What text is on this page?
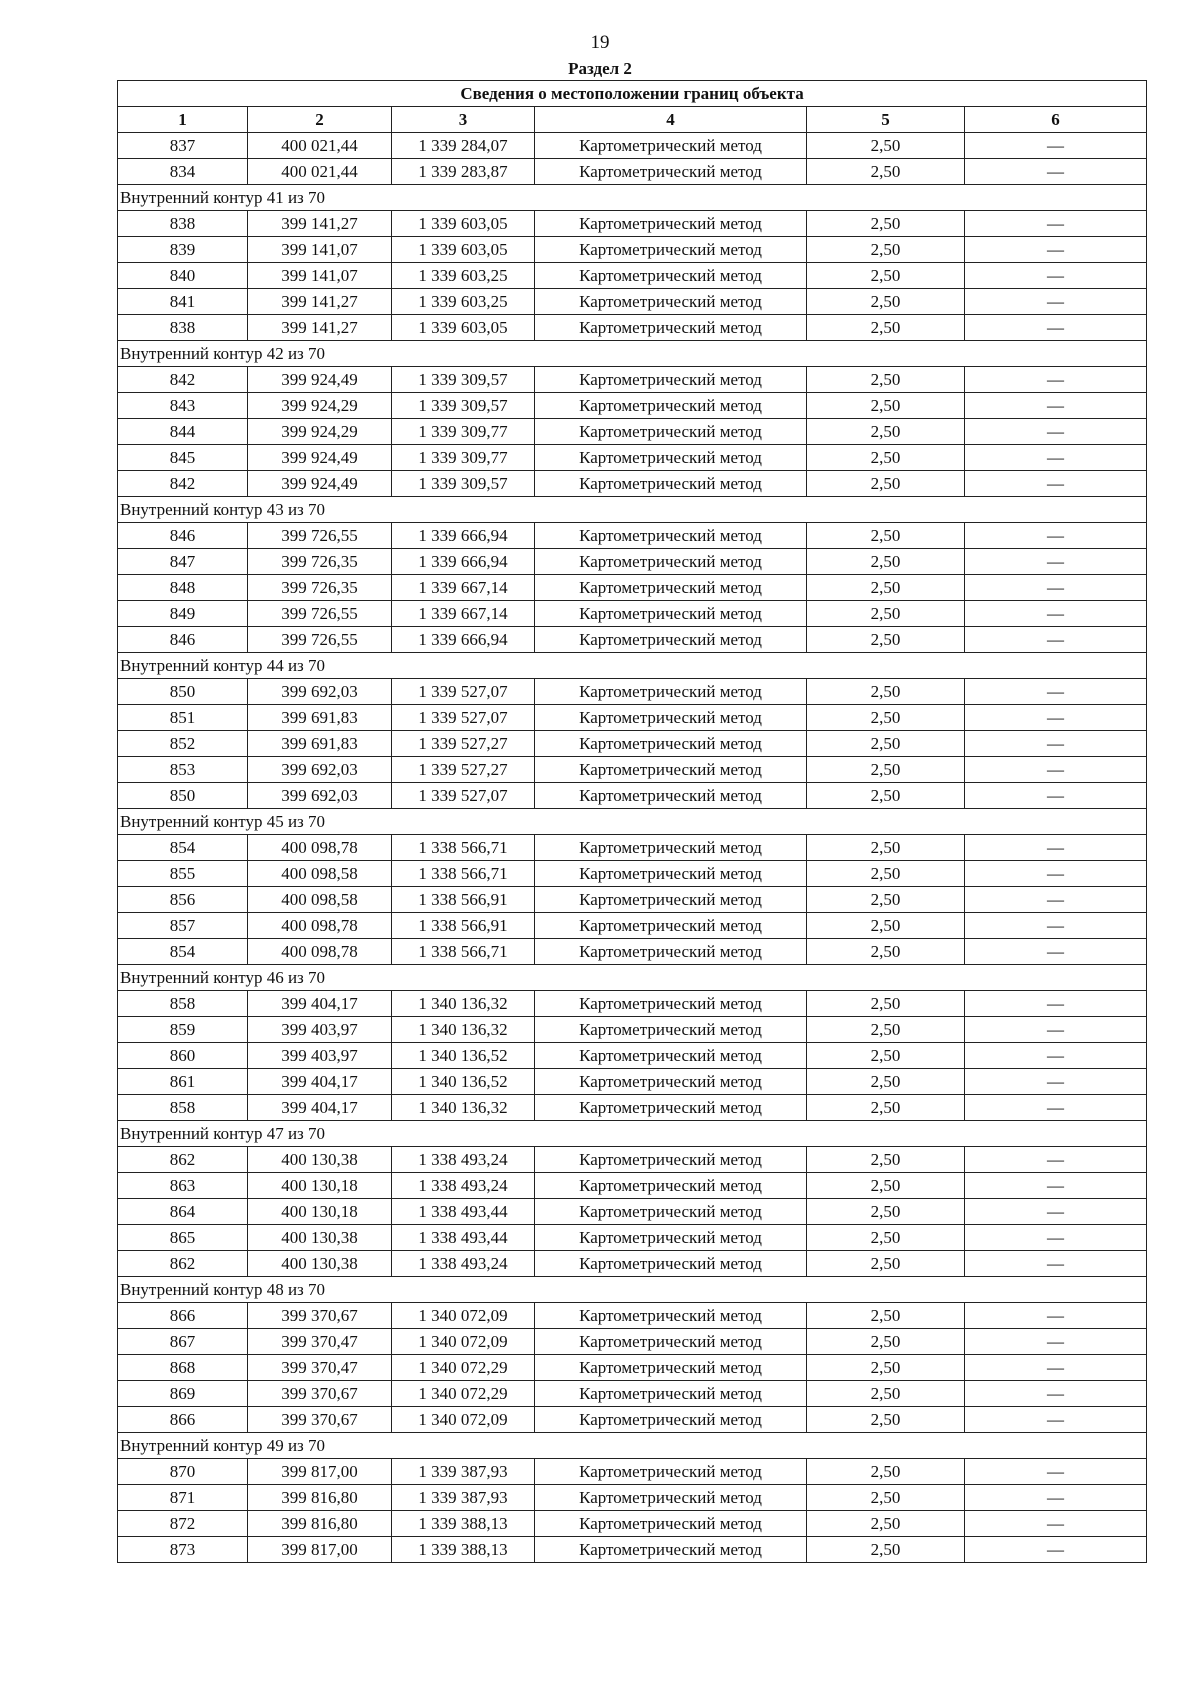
19
Раздел 2
Сведения о местоположении границ объекта					
1	2	3	4	5	6
837	400 021,44	1 339 284,07	Картометрический метод	2,50	—
834	400 021,44	1 339 283,87	Картометрический метод	2,50	—
Внутренний контур 41 из 70					
838	399 141,27	1 339 603,05	Картометрический метод	2,50	—
839	399 141,07	1 339 603,05	Картометрический метод	2,50	—
840	399 141,07	1 339 603,25	Картометрический метод	2,50	—
841	399 141,27	1 339 603,25	Картометрический метод	2,50	—
838	399 141,27	1 339 603,05	Картометрический метод	2,50	—
Внутренний контур 42 из 70					
842	399 924,49	1 339 309,57	Картометрический метод	2,50	—
843	399 924,29	1 339 309,57	Картометрический метод	2,50	—
844	399 924,29	1 339 309,77	Картометрический метод	2,50	—
845	399 924,49	1 339 309,77	Картометрический метод	2,50	—
842	399 924,49	1 339 309,57	Картометрический метод	2,50	—
Внутренний контур 43 из 70					
846	399 726,55	1 339 666,94	Картометрический метод	2,50	—
847	399 726,35	1 339 666,94	Картометрический метод	2,50	—
848	399 726,35	1 339 667,14	Картометрический метод	2,50	—
849	399 726,55	1 339 667,14	Картометрический метод	2,50	—
846	399 726,55	1 339 666,94	Картометрический метод	2,50	—
Внутренний контур 44 из 70					
850	399 692,03	1 339 527,07	Картометрический метод	2,50	—
851	399 691,83	1 339 527,07	Картометрический метод	2,50	—
852	399 691,83	1 339 527,27	Картометрический метод	2,50	—
853	399 692,03	1 339 527,27	Картометрический метод	2,50	—
850	399 692,03	1 339 527,07	Картометрический метод	2,50	—
Внутренний контур 45 из 70					
854	400 098,78	1 338 566,71	Картометрический метод	2,50	—
855	400 098,58	1 338 566,71	Картометрический метод	2,50	—
856	400 098,58	1 338 566,91	Картометрический метод	2,50	—
857	400 098,78	1 338 566,91	Картометрический метод	2,50	—
854	400 098,78	1 338 566,71	Картометрический метод	2,50	—
Внутренний контур 46 из 70					
858	399 404,17	1 340 136,32	Картометрический метод	2,50	—
859	399 403,97	1 340 136,32	Картометрический метод	2,50	—
860	399 403,97	1 340 136,52	Картометрический метод	2,50	—
861	399 404,17	1 340 136,52	Картометрический метод	2,50	—
858	399 404,17	1 340 136,32	Картометрический метод	2,50	—
Внутренний контур 47 из 70					
862	400 130,38	1 338 493,24	Картометрический метод	2,50	—
863	400 130,18	1 338 493,24	Картометрический метод	2,50	—
864	400 130,18	1 338 493,44	Картометрический метод	2,50	—
865	400 130,38	1 338 493,44	Картометрический метод	2,50	—
862	400 130,38	1 338 493,24	Картометрический метод	2,50	—
Внутренний контур 48 из 70					
866	399 370,67	1 340 072,09	Картометрический метод	2,50	—
867	399 370,47	1 340 072,09	Картометрический метод	2,50	—
868	399 370,47	1 340 072,29	Картометрический метод	2,50	—
869	399 370,67	1 340 072,29	Картометрический метод	2,50	—
866	399 370,67	1 340 072,09	Картометрический метод	2,50	—
Внутренний контур 49 из 70					
870	399 817,00	1 339 387,93	Картометрический метод	2,50	—
871	399 816,80	1 339 387,93	Картометрический метод	2,50	—
872	399 816,80	1 339 388,13	Картометрический метод	2,50	—
873	399 817,00	1 339 388,13	Картометрический метод	2,50	—
